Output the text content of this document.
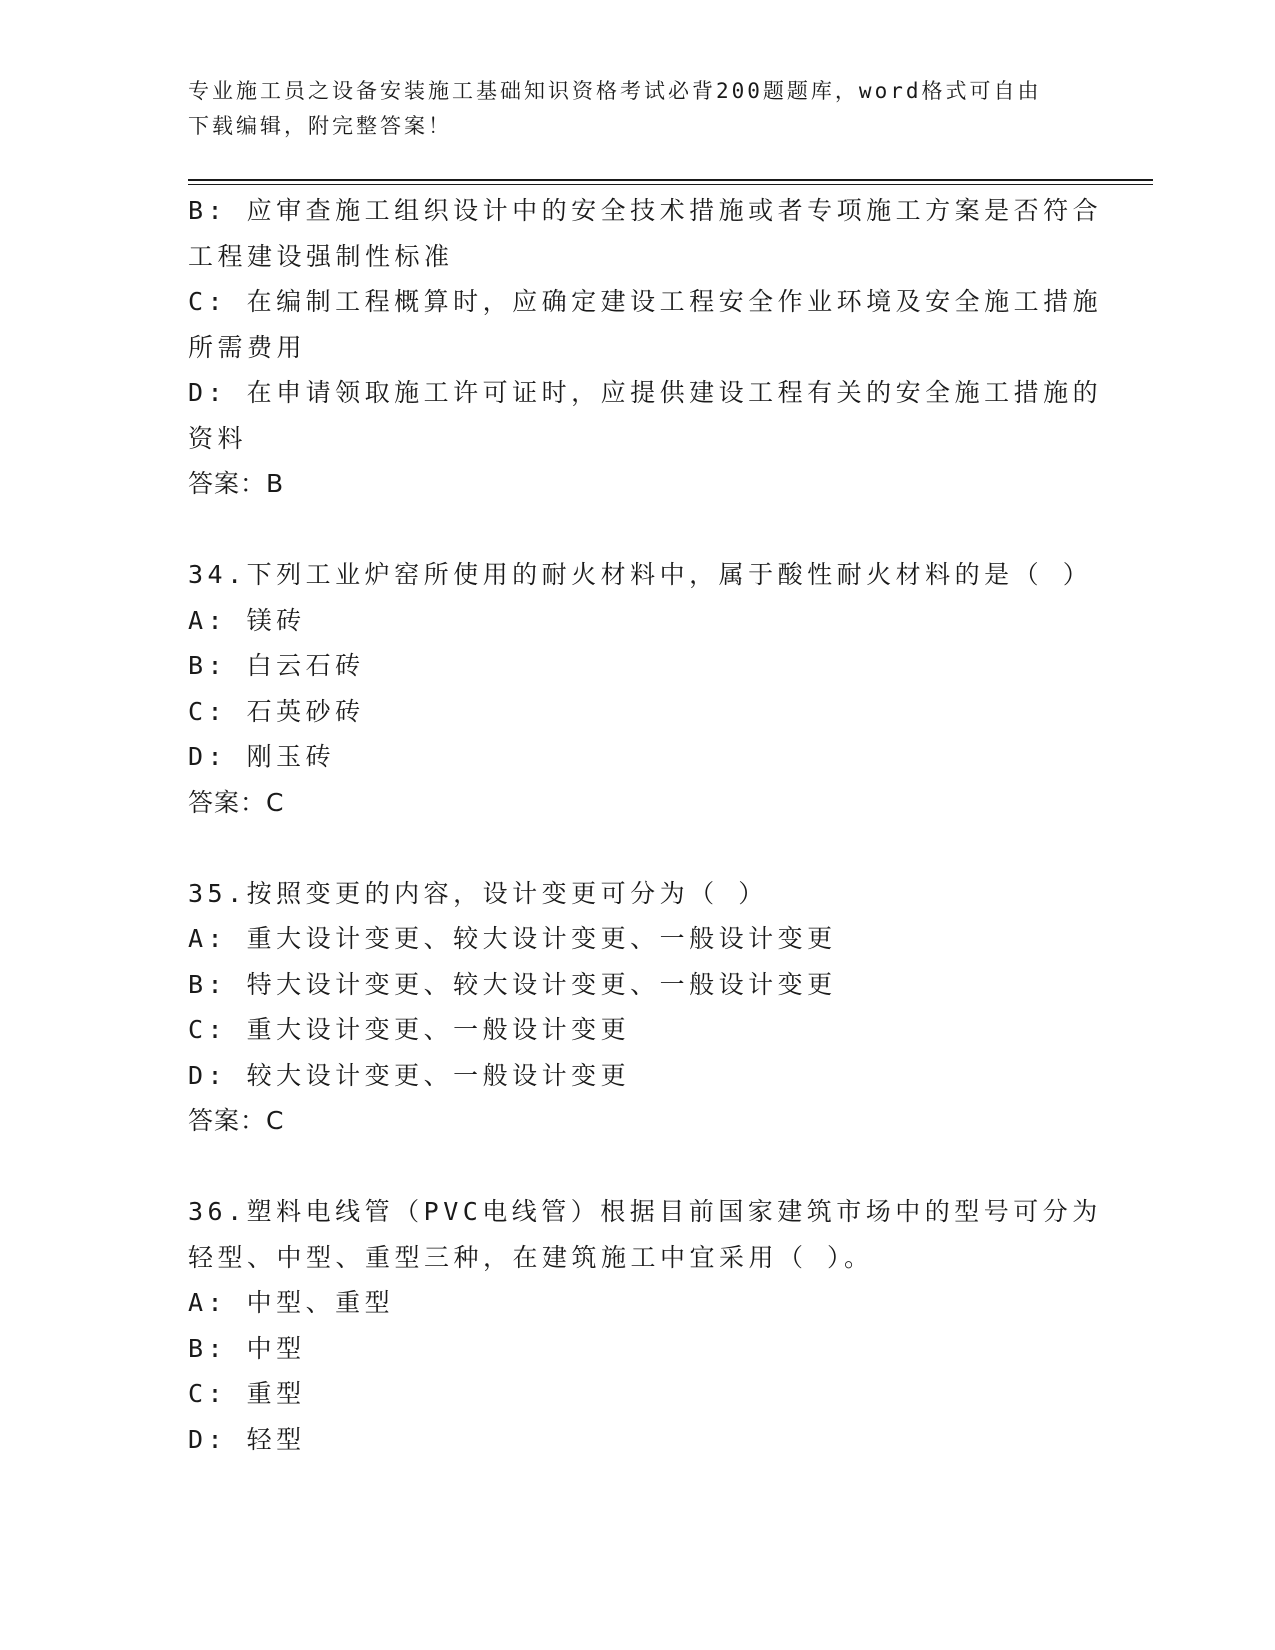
专业施工员之设备安装施工基础知识资格考试必背200题题库，word格式可自由
下载编辑，附完整答案！
B: 应审查施工组织设计中的安全技术措施或者专项施工方案是否符合
工程建设强制性标准
C: 在编制工程概算时，应确定建设工程安全作业环境及安全施工措施
所需费用
D: 在申请领取施工许可证时，应提供建设工程有关的安全施工措施的
资料
答案：B
34.下列工业炉窑所使用的耐火材料中，属于酸性耐火材料的是（ ）
A: 镁砖
B: 白云石砖
C: 石英砂砖
D: 刚玉砖
答案：C
35.按照变更的内容，设计变更可分为（ ）
A: 重大设计变更、较大设计变更、一般设计变更
B: 特大设计变更、较大设计变更、一般设计变更
C: 重大设计变更、一般设计变更
D: 较大设计变更、一般设计变更
答案：C
36.塑料电线管（PVC电线管）根据目前国家建筑市场中的型号可分为
轻型、中型、重型三种，在建筑施工中宜采用（ ）。
A: 中型、重型
B: 中型
C: 重型
D: 轻型
